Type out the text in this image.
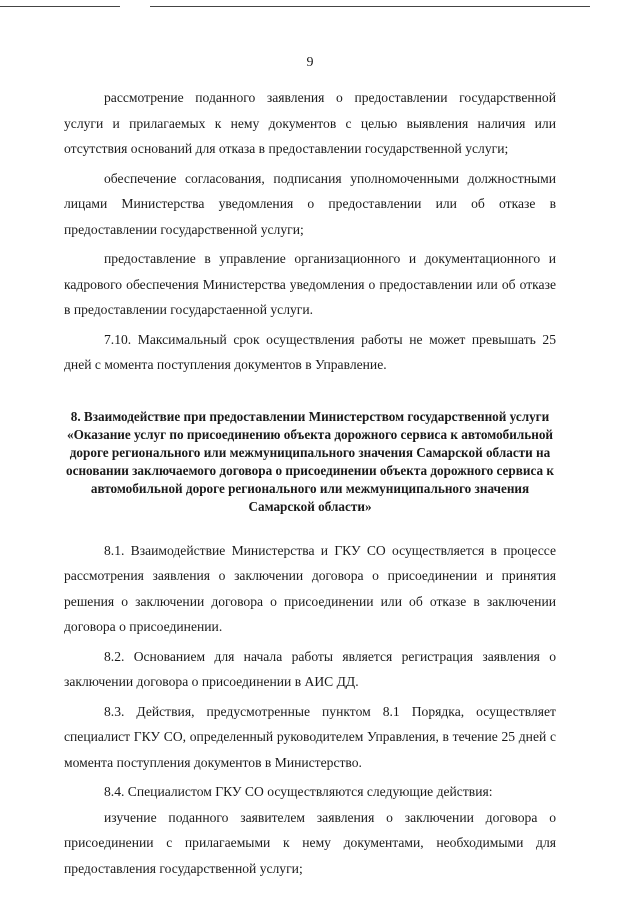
9

рассмотрение поданного заявления о предоставлении государственной услуги и прилагаемых к нему документов с целью выявления наличия или отсутствия оснований для отказа в предоставлении государственной услуги;

обеспечение согласования, подписания уполномоченными должностными лицами Министерства уведомления о предоставлении или об отказе в предоставлении государственной услуги;

предоставление в управление организационного и документационного и кадрового обеспечения Министерства уведомления о предоставлении или об отказе в предоставлении государстаенной услуги.

7.10. Максимальный срок осуществления работы не может превышать 25 дней с момента поступления документов в Управление.

8. Взаимодействие при предоставлении Министерством государственной услуги «Оказание услуг по присоединению объекта дорожного сервиса к автомобильной дороге регионального или межмуниципального значения Самарской области на основании заключаемого договора о присоединении объекта дорожного сервиса к автомобильной дороге регионального или межмуниципального значения Самарской области»

8.1. Взаимодействие Министерства и ГКУ СО осуществляется в процессе рассмотрения заявления о заключении договора о присоединении и принятия решения о заключении договора о присоединении или об отказе в заключении договора о присоединении.

8.2. Основанием для начала работы является регистрация заявления о заключении договора о присоединении в АИС ДД.

8.3. Действия, предусмотренные пунктом 8.1 Порядка, осуществляет специалист ГКУ СО, определенный руководителем Управления, в течение 25 дней с момента поступления документов в Министерство.

8.4. Специалистом ГКУ СО осуществляются следующие действия:

изучение поданного заявителем заявления о заключении договора о присоединении с прилагаемыми к нему документами, необходимыми для предоставления государственной услуги;
